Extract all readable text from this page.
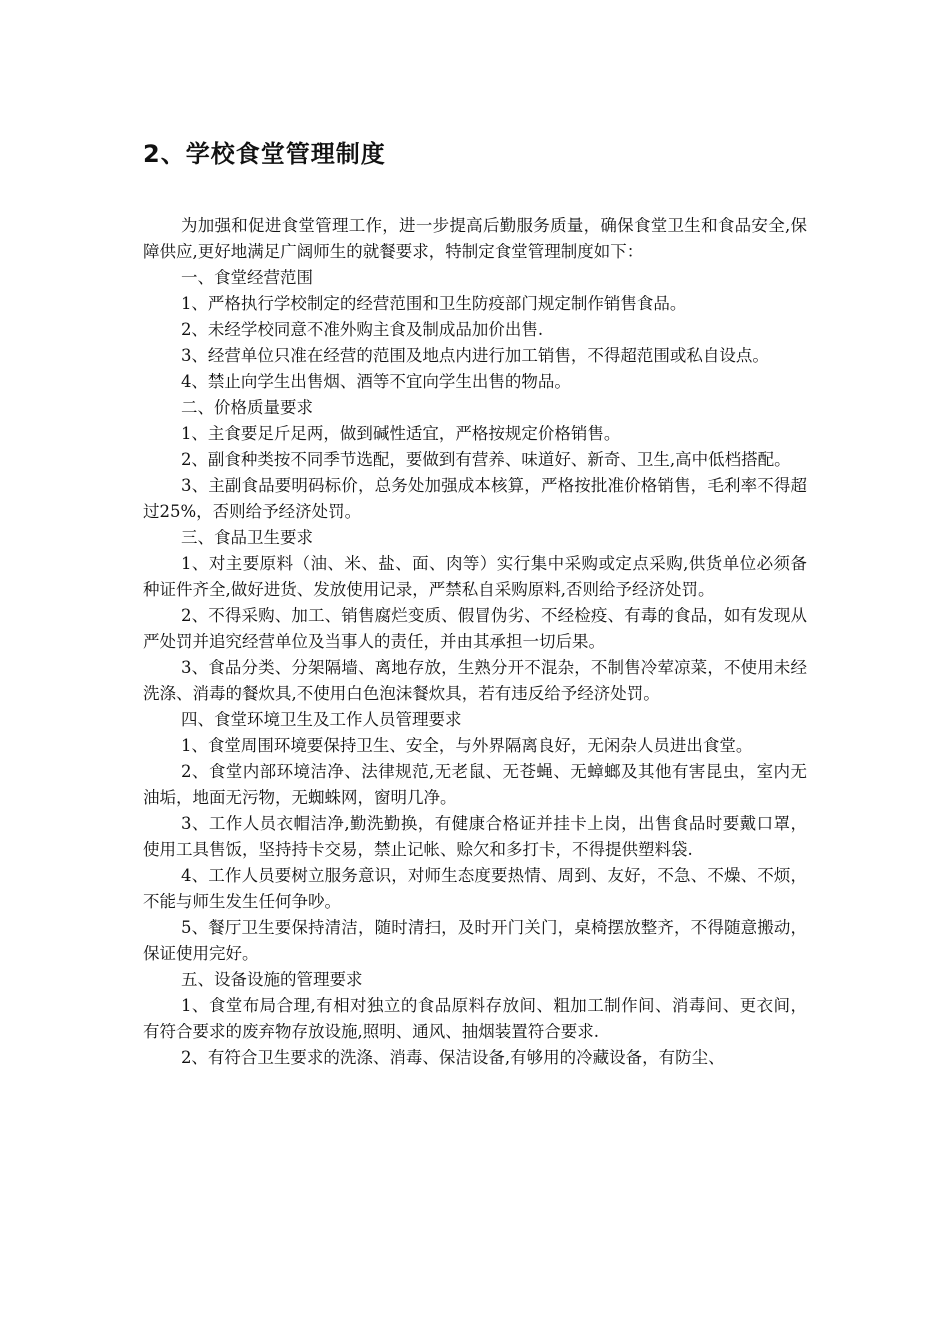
2、学校食堂管理制度

为加强和促进食堂管理工作，进一步提高后勤服务质量，确保食堂卫生和食品安全,保障供应,更好地满足广阔师生的就餐要求，特制定食堂管理制度如下：

一、食堂经营范围

1、严格执行学校制定的经营范围和卫生防疫部门规定制作销售食品。

2、未经学校同意不准外购主食及制成品加价出售.

3、经营单位只准在经营的范围及地点内进行加工销售，不得超范围或私自设点。

4、禁止向学生出售烟、酒等不宜向学生出售的物品。

二、价格质量要求

1、主食要足斤足两，做到碱性适宜，严格按规定价格销售。

2、副食种类按不同季节选配，要做到有营养、味道好、新奇、卫生,高中低档搭配。

3、主副食品要明码标价，总务处加强成本核算，严格按批准价格销售，毛利率不得超过25%，否则给予经济处罚。

三、食品卫生要求

1、对主要原料（油、米、盐、面、肉等）实行集中采购或定点采购,供货单位必须备种证件齐全,做好进货、发放使用记录，严禁私自采购原料,否则给予经济处罚。

2、不得采购、加工、销售腐烂变质、假冒伪劣、不经检疫、有毒的食品，如有发现从严处罚并追究经营单位及当事人的责任，并由其承担一切后果。

3、食品分类、分架隔墙、离地存放，生熟分开不混杂，不制售冷荤凉菜，不使用未经洗涤、消毒的餐炊具,不使用白色泡沫餐炊具，若有违反给予经济处罚。

四、食堂环境卫生及工作人员管理要求

1、食堂周围环境要保持卫生、安全，与外界隔离良好，无闲杂人员进出食堂。

2、食堂内部环境洁净、法律规范,无老鼠、无苍蝇、无蟑螂及其他有害昆虫，室内无油垢，地面无污物，无蜘蛛网，窗明几净。

3、工作人员衣帽洁净,勤洗勤换，有健康合格证并挂卡上岗，出售食品时要戴口罩，使用工具售饭，坚持持卡交易，禁止记帐、赊欠和多打卡，不得提供塑料袋.

4、工作人员要树立服务意识，对师生态度要热情、周到、友好，不急、不燥、不烦，不能与师生发生任何争吵。

5、餐厅卫生要保持清洁，随时清扫，及时开门关门，桌椅摆放整齐，不得随意搬动，保证使用完好。

五、设备设施的管理要求

1、食堂布局合理,有相对独立的食品原料存放间、粗加工制作间、消毒间、更衣间，有符合要求的废弃物存放设施,照明、通风、抽烟装置符合要求.

2、有符合卫生要求的洗涤、消毒、保洁设备,有够用的冷藏设备，有防尘、
